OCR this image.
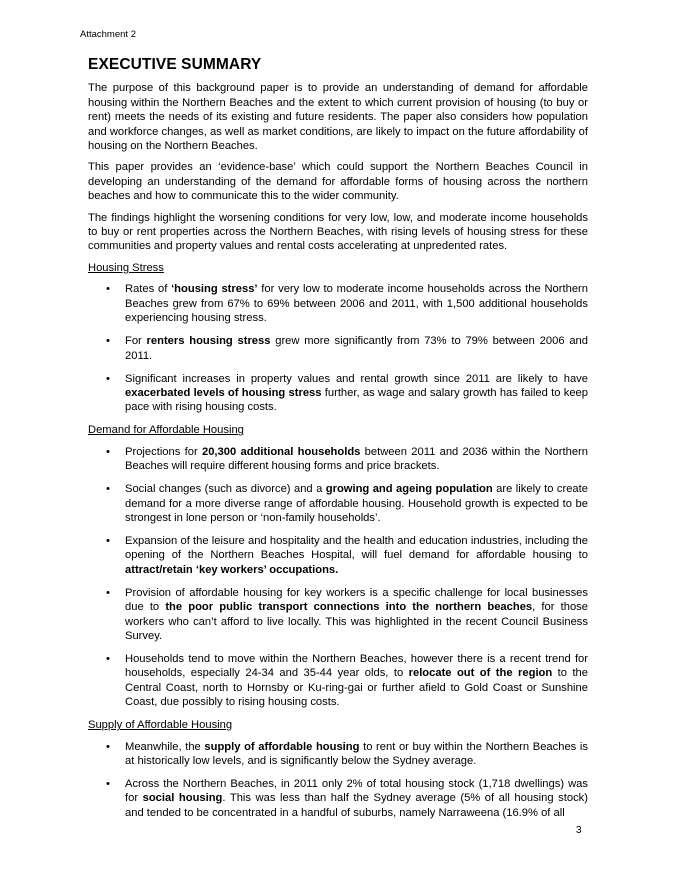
Attachment 2
EXECUTIVE SUMMARY

The purpose of this background paper is to provide an understanding of demand for affordable housing within the Northern Beaches and the extent to which current provision of housing (to buy or rent) meets the needs of its existing and future residents. The paper also considers how population and workforce changes, as well as market conditions, are likely to impact on the future affordability of housing on the Northern Beaches.

This paper provides an ‘evidence-base’ which could support the Northern Beaches Council in developing an understanding of the demand for affordable forms of housing across the northern beaches and how to communicate this to the wider community.

The findings highlight the worsening conditions for very low, low, and moderate income households to buy or rent properties across the Northern Beaches, with rising levels of housing stress for these communities and property values and rental costs accelerating at unpredented rates.

Housing Stress
• Rates of ‘housing stress’ for very low to moderate income households across the Northern Beaches grew from 67% to 69% between 2006 and 2011, with 1,500 additional households experiencing housing stress.
• For renters housing stress grew more significantly from 73% to 79% between 2006 and 2011.
• Significant increases in property values and rental growth since 2011 are likely to have exacerbated levels of housing stress further, as wage and salary growth has failed to keep pace with rising housing costs.
Demand for Affordable Housing
• Projections for 20,300 additional households between 2011 and 2036 within the Northern Beaches will require different housing forms and price brackets.
• Social changes (such as divorce) and a growing and ageing population are likely to create demand for a more diverse range of affordable housing. Household growth is expected to be strongest in lone person or ‘non-family households’.
• Expansion of the leisure and hospitality and the health and education industries, including the opening of the Northern Beaches Hospital, will fuel demand for affordable housing to attract/retain ‘key workers’ occupations.
• Provision of affordable housing for key workers is a specific challenge for local businesses due to the poor public transport connections into the northern beaches, for those workers who can’t afford to live locally. This was highlighted in the recent Council Business Survey.
• Households tend to move within the Northern Beaches, however there is a recent trend for households, especially 24-34 and 35-44 year olds, to relocate out of the region to the Central Coast, north to Hornsby or Ku-ring-gai or further afield to Gold Coast or Sunshine Coast, due possibly to rising housing costs.
Supply of Affordable Housing
• Meanwhile, the supply of affordable housing to rent or buy within the Northern Beaches is at historically low levels, and is significantly below the Sydney average.
• Across the Northern Beaches, in 2011 only 2% of total housing stock (1,718 dwellings) was for social housing. This was less than half the Sydney average (5% of all housing stock) and tended to be concentrated in a handful of suburbs, namely Narraweena (16.9% of all
3
